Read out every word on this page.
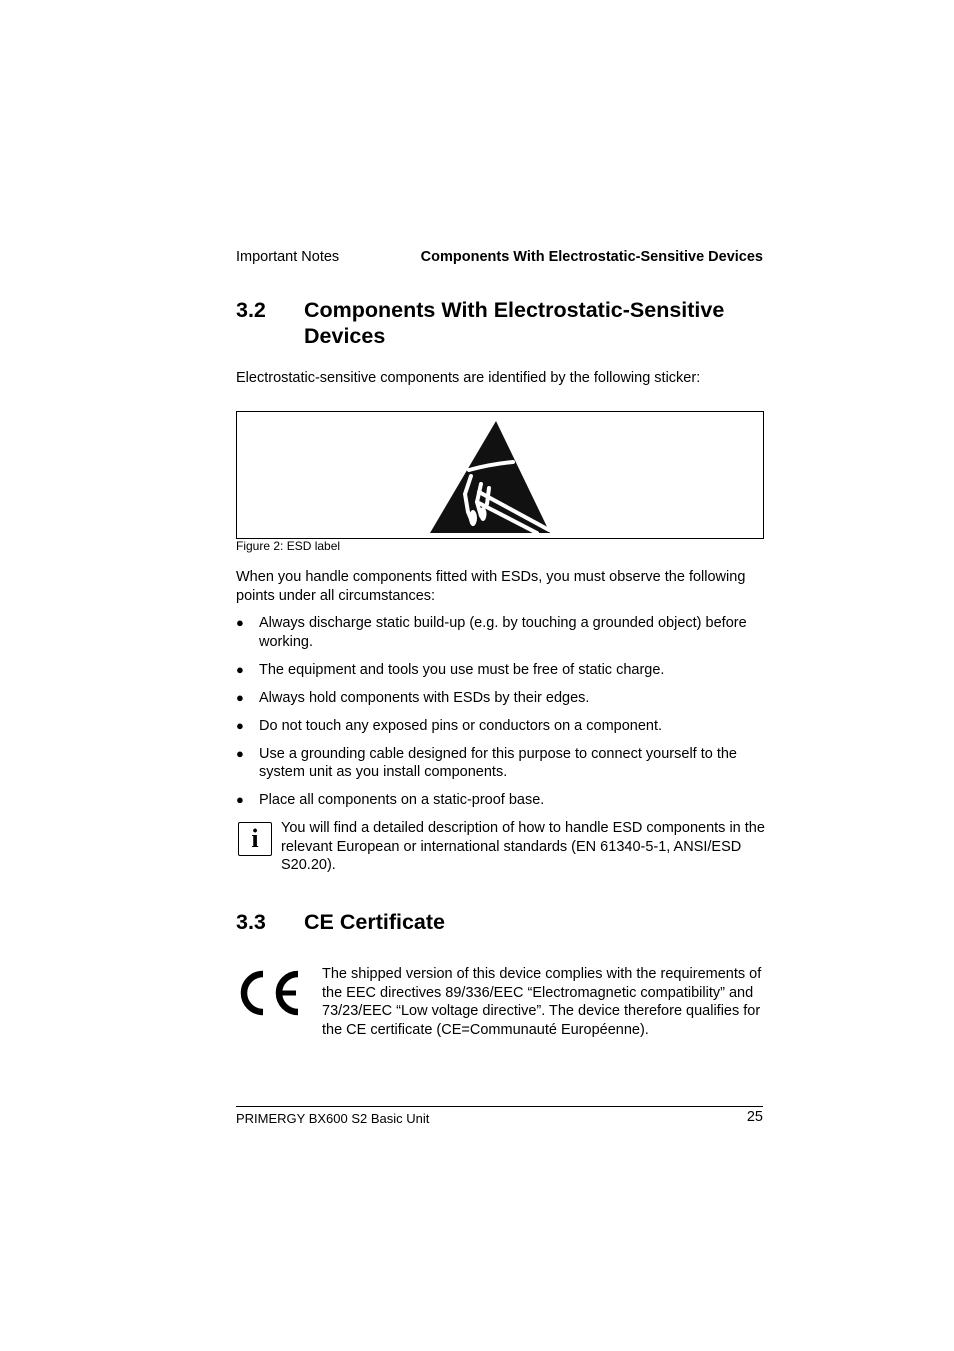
Important Notes	Components With Electrostatic-Sensitive Devices
3.2 Components With Electrostatic-Sensitive Devices
Electrostatic-sensitive components are identified by the following sticker:
Figure 2: ESD label
When you handle components fitted with ESDs, you must observe the following points under all circumstances:
● Always discharge static build-up (e.g. by touching a grounded object) before working.
● The equipment and tools you use must be free of static charge.
● Always hold components with ESDs by their edges.
● Do not touch any exposed pins or conductors on a component.
● Use a grounding cable designed for this purpose to connect yourself to the system unit as you install components.
● Place all components on a static-proof base.
i	You will find a detailed description of how to handle ESD components in the relevant European or international standards (EN 61340-5-1, ANSI/ESD S20.20).
3.3 CE Certificate
The shipped version of this device complies with the requirements of the EEC directives 89/336/EEC “Electromagnetic compatibility” and 73/23/EEC “Low voltage directive”. The device therefore qualifies for the CE certificate (CE=Communauté Européenne).
PRIMERGY BX600 S2 Basic Unit	25
